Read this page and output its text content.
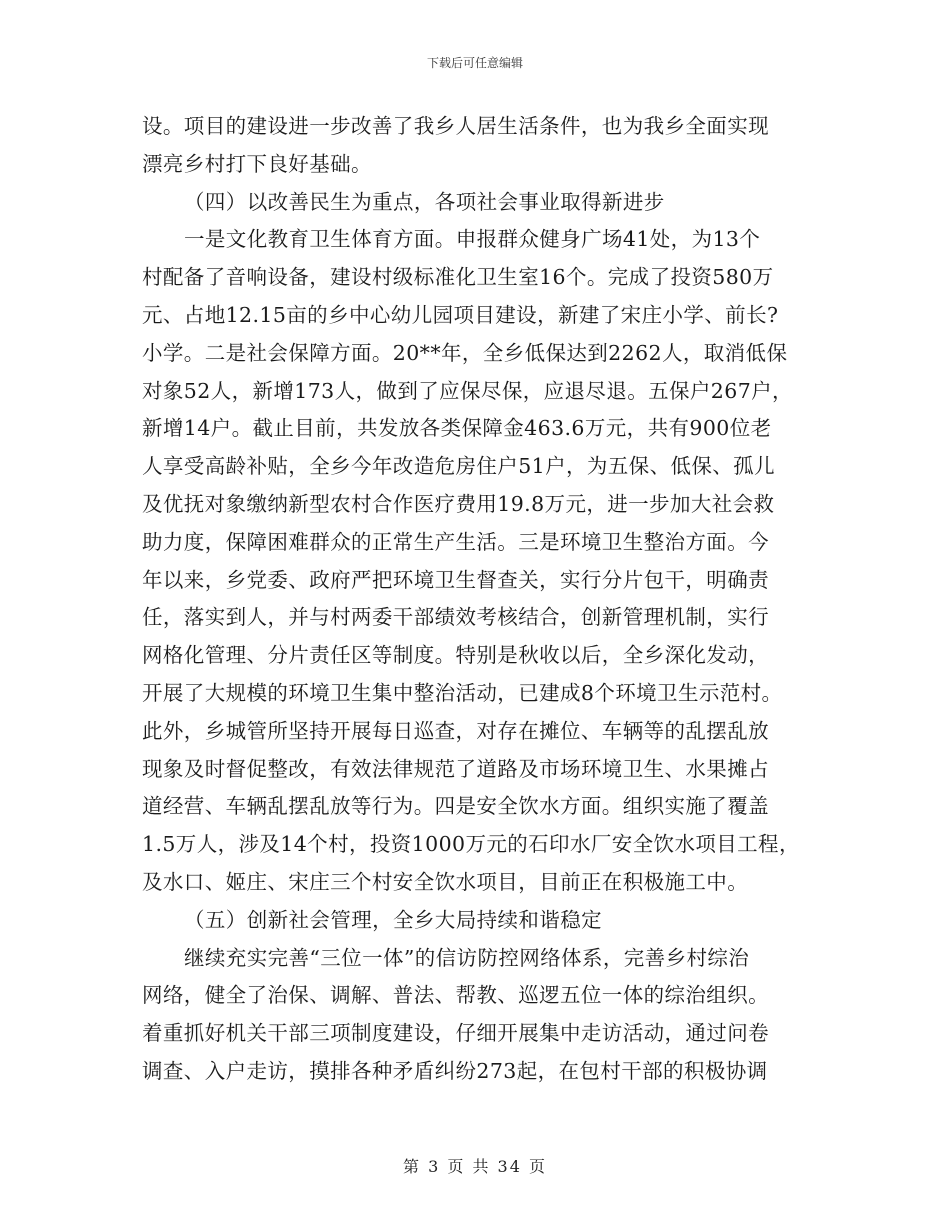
下载后可任意编辑
设。项目的建设进一步改善了我乡人居生活条件，也为我乡全面实现
漂亮乡村打下良好基础。
（四）以改善民生为重点，各项社会事业取得新进步
一是文化教育卫生体育方面。申报群众健身广场41处，为13个
村配备了音响设备，建设村级标准化卫生室16个。完成了投资580万
元、占地12.15亩的乡中心幼儿园项目建设，新建了宋庄小学、前长?
小学。二是社会保障方面。20**年，全乡低保达到2262人，取消低保
对象52人，新增173人，做到了应保尽保，应退尽退。五保户267户，
新增14户。截止目前，共发放各类保障金463.6万元，共有900位老
人享受高龄补贴，全乡今年改造危房住户51户，为五保、低保、孤儿
及优抚对象缴纳新型农村合作医疗费用19.8万元，进一步加大社会救
助力度，保障困难群众的正常生产生活。三是环境卫生整治方面。今
年以来，乡党委、政府严把环境卫生督查关，实行分片包干，明确责
任，落实到人，并与村两委干部绩效考核结合，创新管理机制，实行
网格化管理、分片责任区等制度。特别是秋收以后，全乡深化发动，
开展了大规模的环境卫生集中整治活动，已建成8个环境卫生示范村。
此外，乡城管所坚持开展每日巡查，对存在摊位、车辆等的乱摆乱放
现象及时督促整改，有效法律规范了道路及市场环境卫生、水果摊占
道经营、车辆乱摆乱放等行为。四是安全饮水方面。组织实施了覆盖
1.5万人，涉及14个村，投资1000万元的石印水厂安全饮水项目工程，
及水口、姬庄、宋庄三个村安全饮水项目，目前正在积极施工中。
（五）创新社会管理，全乡大局持续和谐稳定
继续充实完善“三位一体”的信访防控网络体系，完善乡村综治
网络，健全了治保、调解、普法、帮教、巡逻五位一体的综治组织。
着重抓好机关干部三项制度建设，仔细开展集中走访活动，通过问卷
调查、入户走访，摸排各种矛盾纠纷273起，在包村干部的积极协调
第 3 页 共 34 页
